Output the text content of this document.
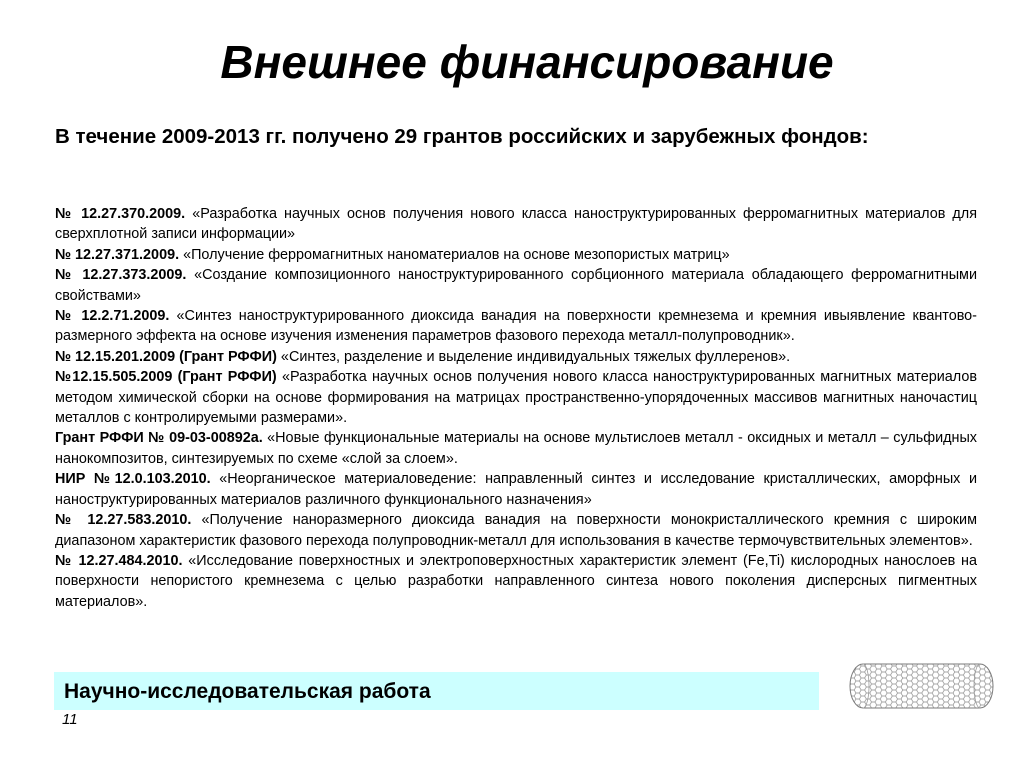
Внешнее финансирование

В течение 2009-2013 гг. получено 29 грантов российских и зарубежных фондов:

№ 12.27.370.2009. «Разработка научных основ получения нового класса наноструктурированных ферромагнитных материалов для сверхплотной записи информации»
№ 12.27.371.2009. «Получение ферромагнитных наноматериалов на основе мезопористых матриц»
№ 12.27.373.2009. «Создание композиционного наноструктурированного сорбционного материала обладающего ферромагнитными свойствами»
№ 12.2.71.2009. «Синтез наноструктурированного диоксида ванадия на поверхности кремнезема и кремния ивыявление квантово-размерного эффекта на основе изучения изменения параметров фазового перехода металл-полупроводник».
№ 12.15.201.2009 (Грант РФФИ) «Синтез, разделение и выделение индивидуальных тяжелых фуллеренов».
№12.15.505.2009 (Грант РФФИ) «Разработка научных основ получения нового класса наноструктурированных магнитных материалов методом химической сборки на основе формирования на матрицах пространственно-упорядоченных массивов магнитных наночастиц металлов с контролируемыми размерами».
Грант РФФИ № 09-03-00892а. «Новые функциональные материалы на основе мультислоев металл - оксидных и металл – сульфидных нанокомпозитов, синтезируемых по схеме «слой за слоем».
НИР №12.0.103.2010. «Неорганическое материаловедение: направленный синтез и исследование кристаллических, аморфных и наноструктурированных материалов различного функционального назначения»
№ 12.27.583.2010. «Получение наноразмерного диоксида ванадия на поверхности монокристаллического кремния с широким диапазоном характеристик фазового перехода полупроводник-металл для использования в качестве термочувствительных элементов».
№ 12.27.484.2010. «Исследование поверхностных и электроповерхностных характеристик элемент (Fe,Ti) кислородных нанослоев на поверхности непористого кремнезема с целью разработки направленного синтеза нового поколения дисперсных пигментных материалов».
Научно-исследовательская работа
11
